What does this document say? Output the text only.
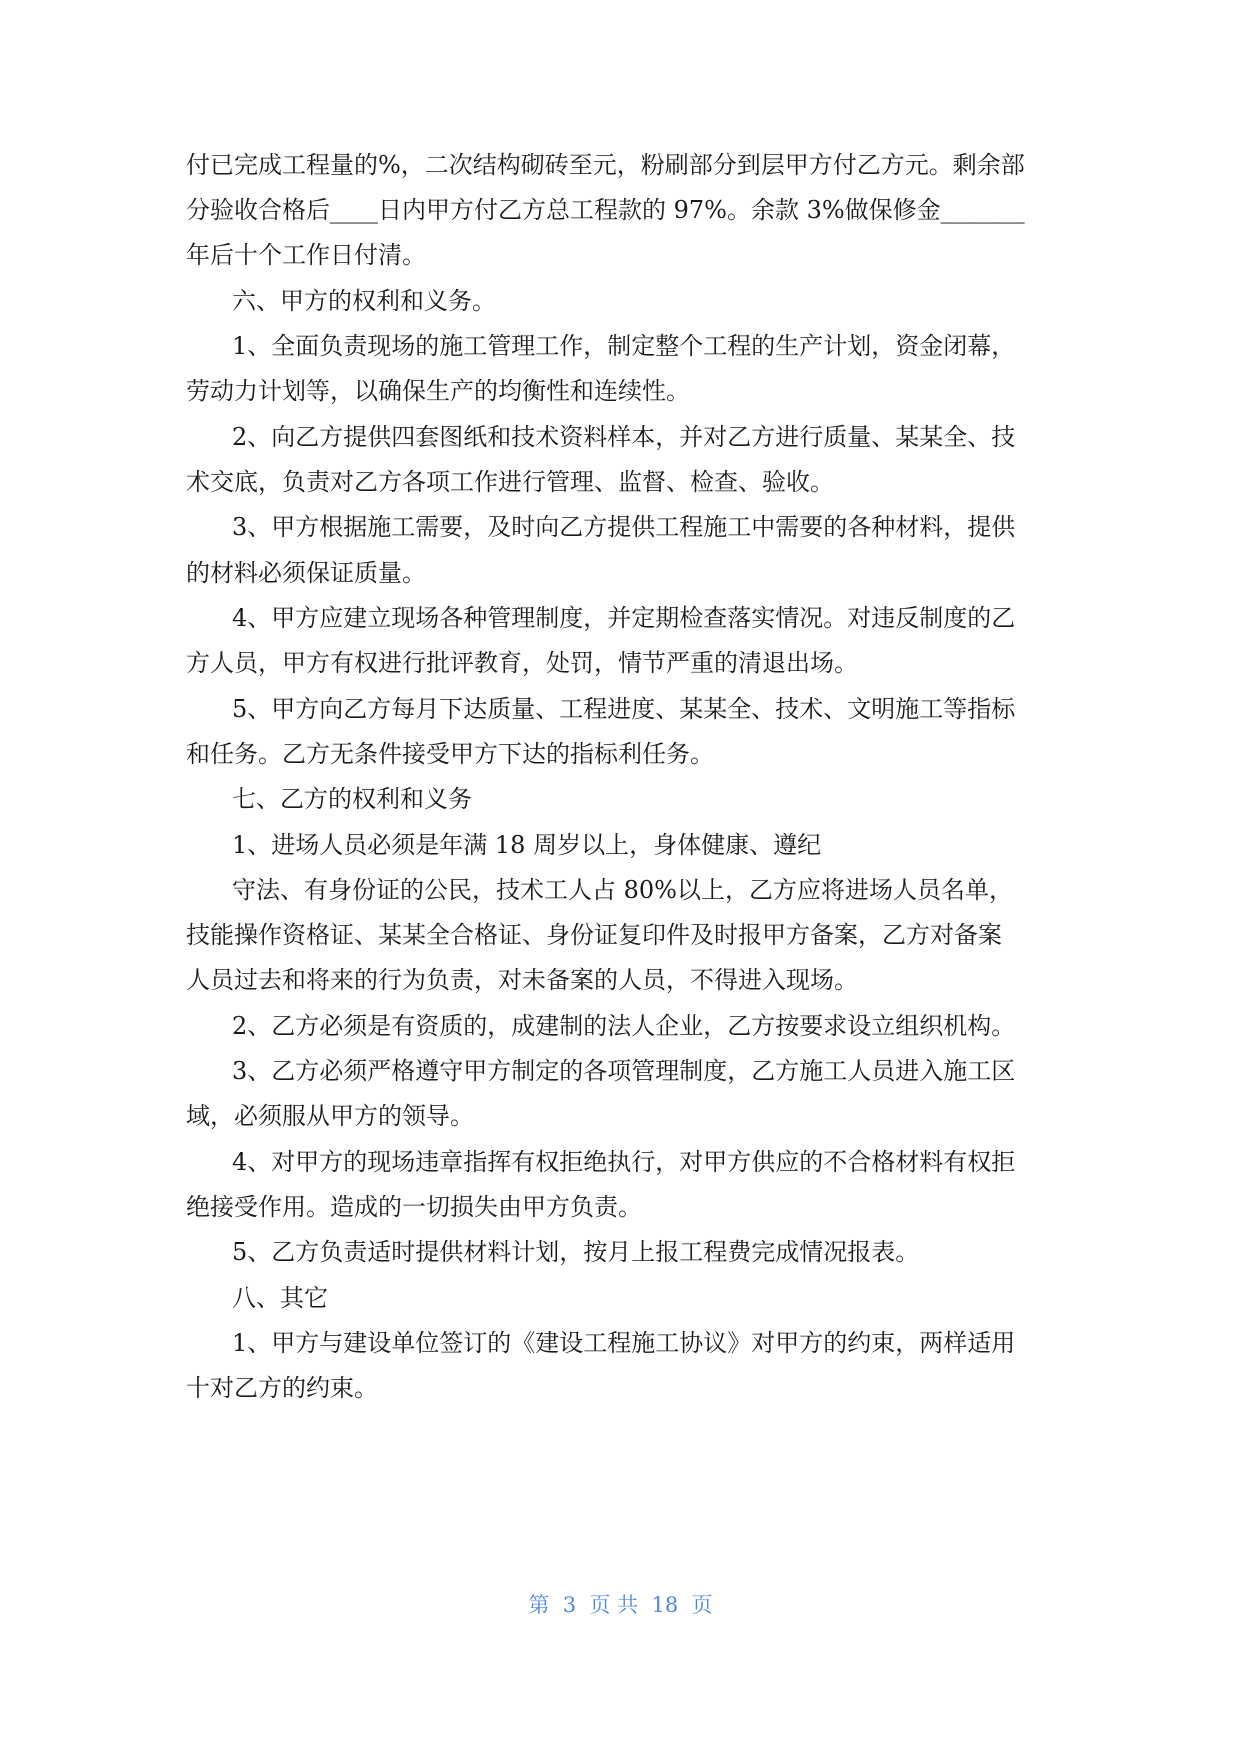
付已完成工程量的%，二次结构砌砖至元，粉刷部分到层甲方付乙方元。剩余部
分验收合格后____日内甲方付乙方总工程款的 97%。余款 3%做保修金_______
年后十个工作日付清。
六、甲方的权利和义务。
1、全面负责现场的施工管理工作，制定整个工程的生产计划，资金闭幕，
劳动力计划等，以确保生产的均衡性和连续性。
2、向乙方提供四套图纸和技术资料样本，并对乙方进行质量、某某全、技
术交底，负责对乙方各项工作进行管理、监督、检查、验收。
3、甲方根据施工需要，及时向乙方提供工程施工中需要的各种材料，提供
的材料必须保证质量。
4、甲方应建立现场各种管理制度，并定期检查落实情况。对违反制度的乙
方人员，甲方有权进行批评教育，处罚，情节严重的清退出场。
5、甲方向乙方每月下达质量、工程进度、某某全、技术、文明施工等指标
和任务。乙方无条件接受甲方下达的指标利任务。
七、乙方的权利和义务
1、进场人员必须是年满 18 周岁以上，身体健康、遵纪
守法、有身份证的公民，技术工人占 80%以上，乙方应将进场人员名单，
技能操作资格证、某某全合格证、身份证复印件及时报甲方备案，乙方对备案
人员过去和将来的行为负责，对未备案的人员，不得进入现场。
2、乙方必须是有资质的，成建制的法人企业，乙方按要求设立组织机构。
3、乙方必须严格遵守甲方制定的各项管理制度，乙方施工人员进入施工区
域，必须服从甲方的领导。
4、对甲方的现场违章指挥有权拒绝执行，对甲方供应的不合格材料有权拒
绝接受作用。造成的一切损失由甲方负责。
5、乙方负责适时提供材料计划，按月上报工程费完成情况报表。
八、其它
1、甲方与建设单位签订的《建设工程施工协议》对甲方的约束，两样适用
十对乙方的约束。
第  3  页 共  18  页
